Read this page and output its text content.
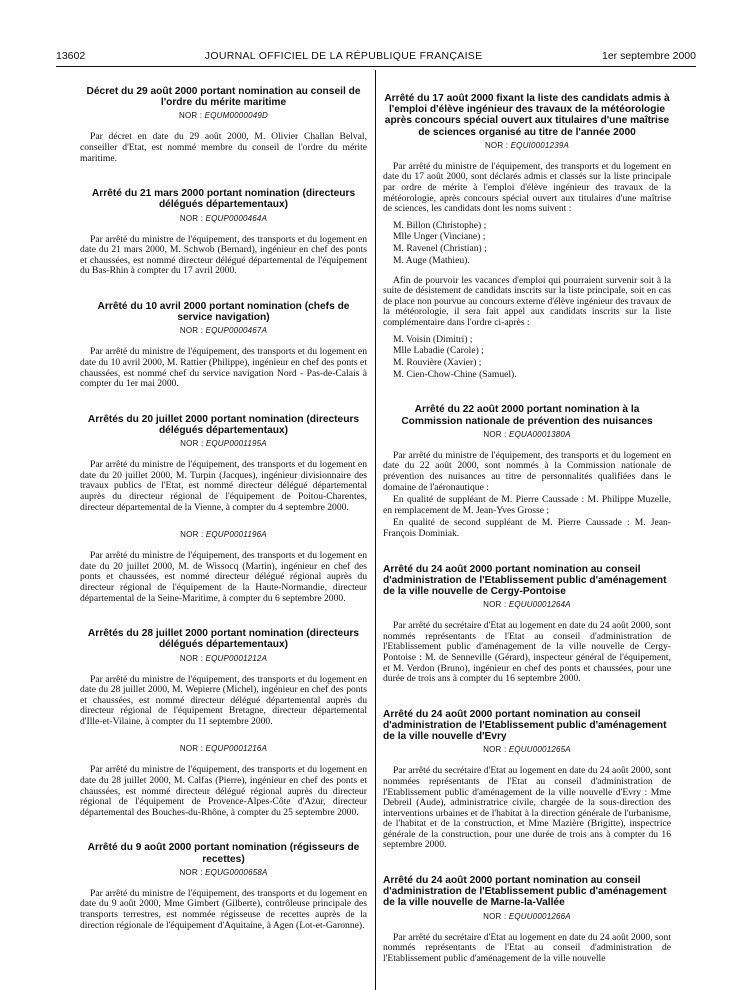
13602	JOURNAL OFFICIEL DE LA RÉPUBLIQUE FRANÇAISE	1er septembre 2000
Décret du 29 août 2000 portant nomination au conseil de l'ordre du mérite maritime
NOR : EQUM0000049D
Par décret en date du 29 août 2000, M. Olivier Challan Belval, conseiller d'Etat, est nommé membre du conseil de l'ordre du mérite maritime.
Arrêté du 21 mars 2000 portant nomination (directeurs délégués départementaux)
NOR : EQUP0000464A
Par arrêté du ministre de l'équipement, des transports et du logement en date du 21 mars 2000, M. Schwob (Bernard), ingénieur en chef des ponts et chaussées, est nommé directeur délégué départemental de l'équipement du Bas-Rhin à compter du 17 avril 2000.
Arrêté du 10 avril 2000 portant nomination (chefs de service navigation)
NOR : EQUP0000467A
Par arrêté du ministre de l'équipement, des transports et du logement en date du 10 avril 2000, M. Rattier (Philippe), ingénieur en chef des ponts et chaussées, est nommé chef du service navigation Nord - Pas-de-Calais à compter du 1er mai 2000.
Arrêtés du 20 juillet 2000 portant nomination (directeurs délégués départementaux)
NOR : EQUP0001195A
Par arrêté du ministre de l'équipement, des transports et du logement en date du 20 juillet 2000, M. Turpin (Jacques), ingénieur divisionnaire des travaux publics de l'Etat, est nommé directeur délégué départemental auprès du directeur régional de l'équipement de Poitou-Charentes, directeur départemental de la Vienne, à compter du 4 septembre 2000.
NOR : EQUP0001196A
Par arrêté du ministre de l'équipement, des transports et du logement en date du 20 juillet 2000, M. de Wissocq (Martin), ingénieur en chef des ponts et chaussées, est nommé directeur délégué régional auprès du directeur régional de l'équipement de la Haute-Normandie, directeur départemental de la Seine-Maritime, à compter du 6 septembre 2000.
Arrêtés du 28 juillet 2000 portant nomination (directeurs délégués départementaux)
NOR : EQUP0001212A
Par arrêté du ministre de l'équipement, des transports et du logement en date du 28 juillet 2000, M. Wepierre (Michel), ingénieur en chef des ponts et chaussées, est nommé directeur délégué départemental auprès du directeur régional de l'équipement Bretagne, directeur départemental d'Ille-et-Vilaine, à compter du 11 septembre 2000.
NOR : EQUP0001216A
Par arrêté du ministre de l'équipement, des transports et du logement en date du 28 juillet 2000, M. Calfas (Pierre), ingénieur en chef des ponts et chaussées, est nommé directeur délégué régional auprès du directeur régional de l'équipement de Provence-Alpes-Côte d'Azur, directeur départemental des Bouches-du-Rhône, à compter du 25 septembre 2000.
Arrêté du 9 août 2000 portant nomination (régisseurs de recettes)
NOR : EQUG0000658A
Par arrêté du ministre de l'équipement, des transports et du logement en date du 9 août 2000, Mme Gimbert (Gilberte), contrôleuse principale des transports terrestres, est nommée régisseuse de recettes auprès de la direction régionale de l'équipement d'Aquitaine, à Agen (Lot-et-Garonne).
Arrêté du 17 août 2000 fixant la liste des candidats admis à l'emploi d'élève ingénieur des travaux de la météorologie après concours spécial ouvert aux titulaires d'une maîtrise de sciences organisé au titre de l'année 2000
NOR : EQUI0001239A
Par arrêté du ministre de l'équipement, des transports et du logement en date du 17 août 2000, sont déclarés admis et classés sur la liste principale par ordre de mérite à l'emploi d'élève ingénieur des travaux de la météorologie, après concours spécial ouvert aux titulaires d'une maîtrise de sciences, les candidats dont les noms suivent :
M. Billon (Christophe) ;
Mlle Unger (Vinciane) ;
M. Ravenel (Christian) ;
M. Auge (Mathieu).
Afin de pourvoir les vacances d'emploi qui pourraient survenir soit à la suite de désistement de candidats inscrits sur la liste principale, soit en cas de place non pourvue au concours externe d'élève ingénieur des travaux de la météorologie, il sera fait appel aux candidats inscrits sur la liste complémentaire dans l'ordre ci-après :
M. Voisin (Dimitri) ;
Mlle Labadie (Carole) ;
M. Rouvière (Xavier) ;
M. Cien-Chow-Chine (Samuel).
Arrêté du 22 août 2000 portant nomination à la Commission nationale de prévention des nuisances
NOR : EQUA0001380A
Par arrêté du ministre de l'équipement, des transports et du logement en date du 22 août 2000, sont nommés à la Commission nationale de prévention des nuisances au titre de personnalités qualifiées dans le domaine de l'aéronautique :
En qualité de suppléant de M. Pierre Caussade : M. Philippe Muzelle, en remplacement de M. Jean-Yves Grosse ;
En qualité de second suppléant de M. Pierre Caussade : M. Jean-François Dominiak.
Arrêté du 24 août 2000 portant nomination au conseil d'administration de l'Etablissement public d'aménagement de la ville nouvelle de Cergy-Pontoise
NOR : EQUU0001264A
Par arrêté du secrétaire d'Etat au logement en date du 24 août 2000, sont nommés représentants de l'Etat au conseil d'administration de l'Etablissement public d'aménagement de la ville nouvelle de Cergy-Pontoise : M. de Senneville (Gérard), inspecteur général de l'équipement, et M. Verdon (Bruno), ingénieur en chef des ponts et chaussées, pour une durée de trois ans à compter du 16 septembre 2000.
Arrêté du 24 août 2000 portant nomination au conseil d'administration de l'Etablissement public d'aménagement de la ville nouvelle d'Evry
NOR : EQUU0001265A
Par arrêté du secrétaire d'Etat au logement en date du 24 août 2000, sont nommées représentants de l'Etat au conseil d'administration de l'Etablissement public d'aménagement de la ville nouvelle d'Evry : Mme Debreil (Aude), administratrice civile, chargée de la sous-direction des interventions urbaines et de l'habitat à la direction générale de l'urbanisme, de l'habitat et de la construction, et Mme Mazière (Brigitte), inspectrice générale de la construction, pour une durée de trois ans à compter du 16 septembre 2000.
Arrêté du 24 août 2000 portant nomination au conseil d'administration de l'Etablissement public d'aménagement de la ville nouvelle de Marne-la-Vallée
NOR : EQUU0001266A
Par arrêté du secrétaire d'Etat au logement en date du 24 août 2000, sont nommés représentants de l'Etat au conseil d'administration de l'Etablissement public d'aménagement de la ville nouvelle
